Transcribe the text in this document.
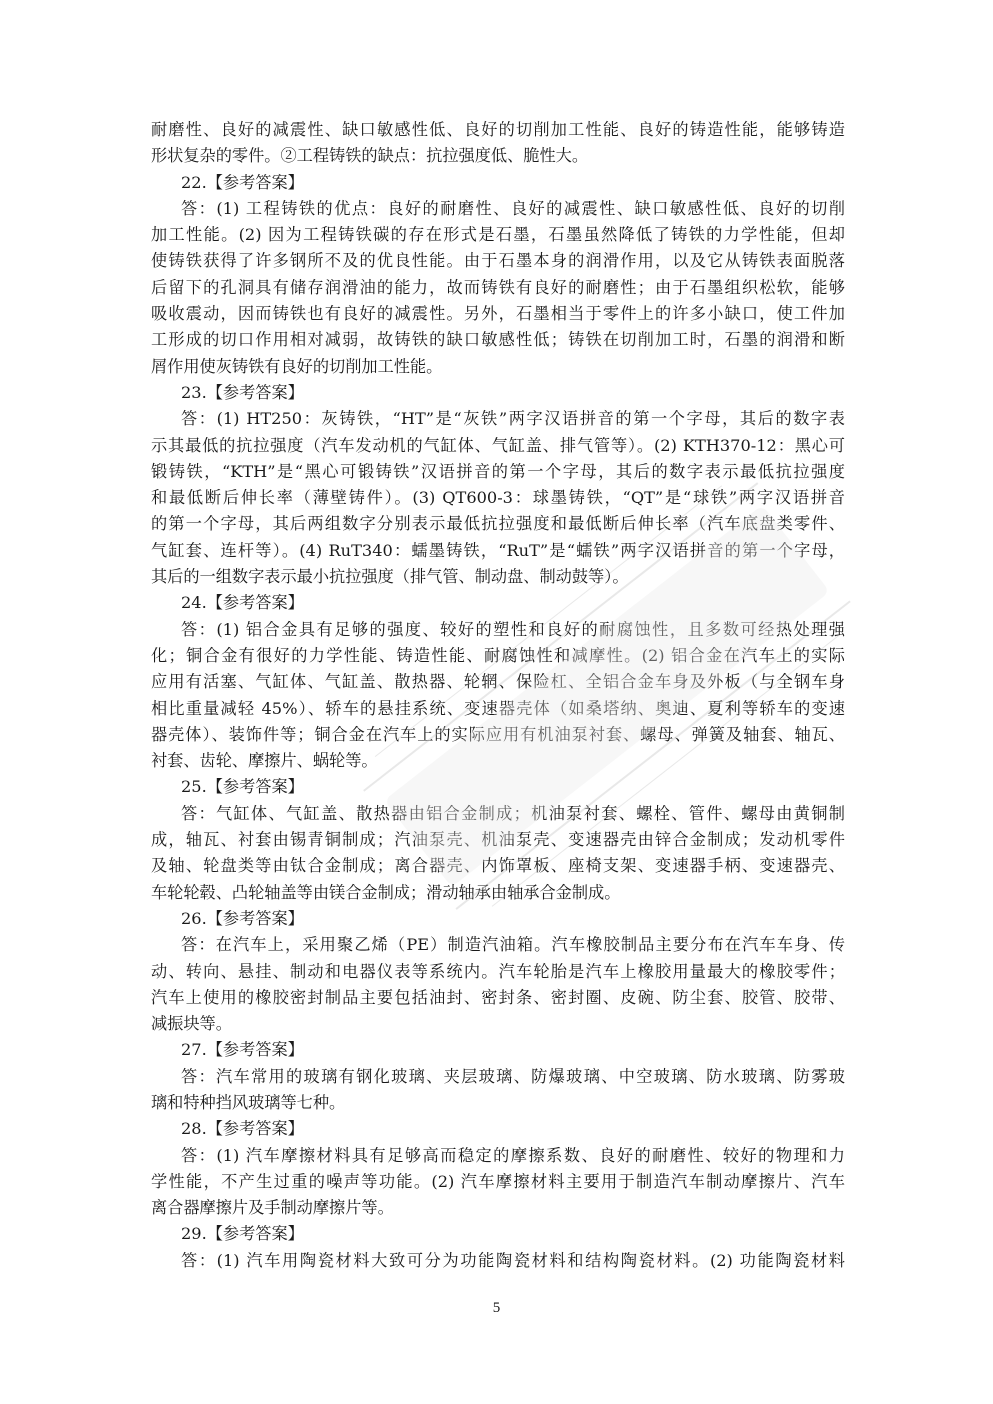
耐磨性、良好的减震性、缺口敏感性低、良好的切削加工性能、良好的铸造性能，能够铸造
形状复杂的零件。②工程铸铁的缺点：抗拉强度低、脆性大。
22.【参考答案】
答：(1) 工程铸铁的优点：良好的耐磨性、良好的减震性、缺口敏感性低、良好的切削
加工性能。(2) 因为工程铸铁碳的存在形式是石墨，石墨虽然降低了铸铁的力学性能，但却
使铸铁获得了许多钢所不及的优良性能。由于石墨本身的润滑作用，以及它从铸铁表面脱落
后留下的孔洞具有储存润滑油的能力，故而铸铁有良好的耐磨性；由于石墨组织松软，能够
吸收震动，因而铸铁也有良好的减震性。另外，石墨相当于零件上的许多小缺口，使工件加
工形成的切口作用相对减弱，故铸铁的缺口敏感性低；铸铁在切削加工时，石墨的润滑和断
屑作用使灰铸铁有良好的切削加工性能。
23.【参考答案】
答：(1) HT250：灰铸铁，“HT”是“灰铁”两字汉语拼音的第一个字母，其后的数字表
示其最低的抗拉强度（汽车发动机的气缸体、气缸盖、排气管等）。(2) KTH370-12：黑心可
锻铸铁，“KTH”是“黑心可锻铸铁”汉语拼音的第一个字母，其后的数字表示最低抗拉强度
和最低断后伸长率（薄壁铸件）。(3) QT600-3：球墨铸铁，“QT”是“球铁”两字汉语拼音
的第一个字母，其后两组数字分别表示最低抗拉强度和最低断后伸长率（汽车底盘类零件、
气缸套、连杆等）。(4) RuT340：蠕墨铸铁，“RuT”是“蠕铁”两字汉语拼音的第一个字母，
其后的一组数字表示最小抗拉强度（排气管、制动盘、制动鼓等）。
24.【参考答案】
答：(1) 铝合金具有足够的强度、较好的塑性和良好的耐腐蚀性，且多数可经热处理强
化；铜合金有很好的力学性能、铸造性能、耐腐蚀性和减摩性。(2) 铝合金在汽车上的实际
应用有活塞、气缸体、气缸盖、散热器、轮辋、保险杠、全铝合金车身及外板（与全钢车身
相比重量减轻 45%）、轿车的悬挂系统、变速器壳体（如桑塔纳、奥迪、夏利等轿车的变速
器壳体）、装饰件等；铜合金在汽车上的实际应用有机油泵衬套、螺母、弹簧及轴套、轴瓦、
衬套、齿轮、摩擦片、蜗轮等。
25.【参考答案】
答：气缸体、气缸盖、散热器由铝合金制成；机油泵衬套、螺栓、管件、螺母由黄铜制
成，轴瓦、衬套由锡青铜制成；汽油泵壳、机油泵壳、变速器壳由锌合金制成；发动机零件
及轴、轮盘类等由钛合金制成；离合器壳、内饰罩板、座椅支架、变速器手柄、变速器壳、
车轮轮毂、凸轮轴盖等由镁合金制成；滑动轴承由轴承合金制成。
26.【参考答案】
答：在汽车上，采用聚乙烯（PE）制造汽油箱。汽车橡胶制品主要分布在汽车车身、传
动、转向、悬挂、制动和电器仪表等系统内。汽车轮胎是汽车上橡胶用量最大的橡胶零件；
汽车上使用的橡胶密封制品主要包括油封、密封条、密封圈、皮碗、防尘套、胶管、胶带、
减振块等。
27.【参考答案】
答：汽车常用的玻璃有钢化玻璃、夹层玻璃、防爆玻璃、中空玻璃、防水玻璃、防雾玻
璃和特种挡风玻璃等七种。
28.【参考答案】
答：(1) 汽车摩擦材料具有足够高而稳定的摩擦系数、良好的耐磨性、较好的物理和力
学性能，不产生过重的噪声等功能。(2) 汽车摩擦材料主要用于制造汽车制动摩擦片、汽车
离合器摩擦片及手制动摩擦片等。
29.【参考答案】
答：(1) 汽车用陶瓷材料大致可分为功能陶瓷材料和结构陶瓷材料。(2) 功能陶瓷材料
5
